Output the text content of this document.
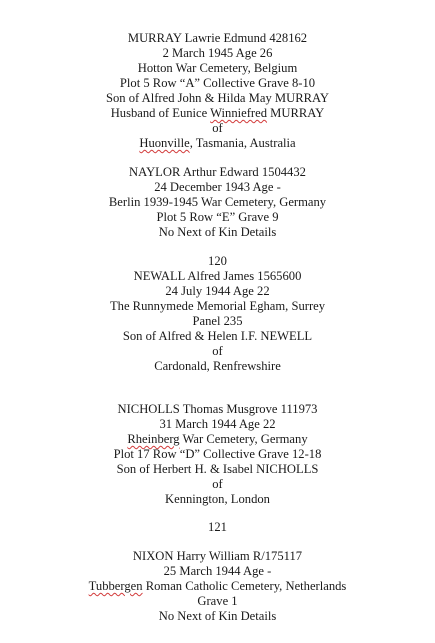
MURRAY Lawrie Edmund 428162
2 March 1945 Age 26
Hotton War Cemetery, Belgium
Plot 5 Row “A” Collective Grave 8-10
Son of Alfred John & Hilda May MURRAY
Husband of Eunice Winniefred MURRAY
of
Huonville, Tasmania, Australia
NAYLOR Arthur Edward 1504432
24 December 1943 Age -
Berlin 1939-1945 War Cemetery, Germany
Plot 5 Row “E” Grave 9
No Next of Kin Details
120
NEWALL Alfred James 1565600
24 July 1944 Age 22
The Runnymede Memorial Egham, Surrey
Panel 235
Son of Alfred & Helen I.F. NEWELL
of
Cardonald, Renfrewshire
NICHOLLS Thomas Musgrove 111973
31 March 1944 Age 22
Rheinberg War Cemetery, Germany
Plot 17 Row “D” Collective Grave 12-18
Son of Herbert H. & Isabel NICHOLLS
of
Kennington, London
121
NIXON Harry William R/175117
25 March 1944 Age -
Tubbergen Roman Catholic Cemetery, Netherlands
Grave 1
No Next of Kin Details
